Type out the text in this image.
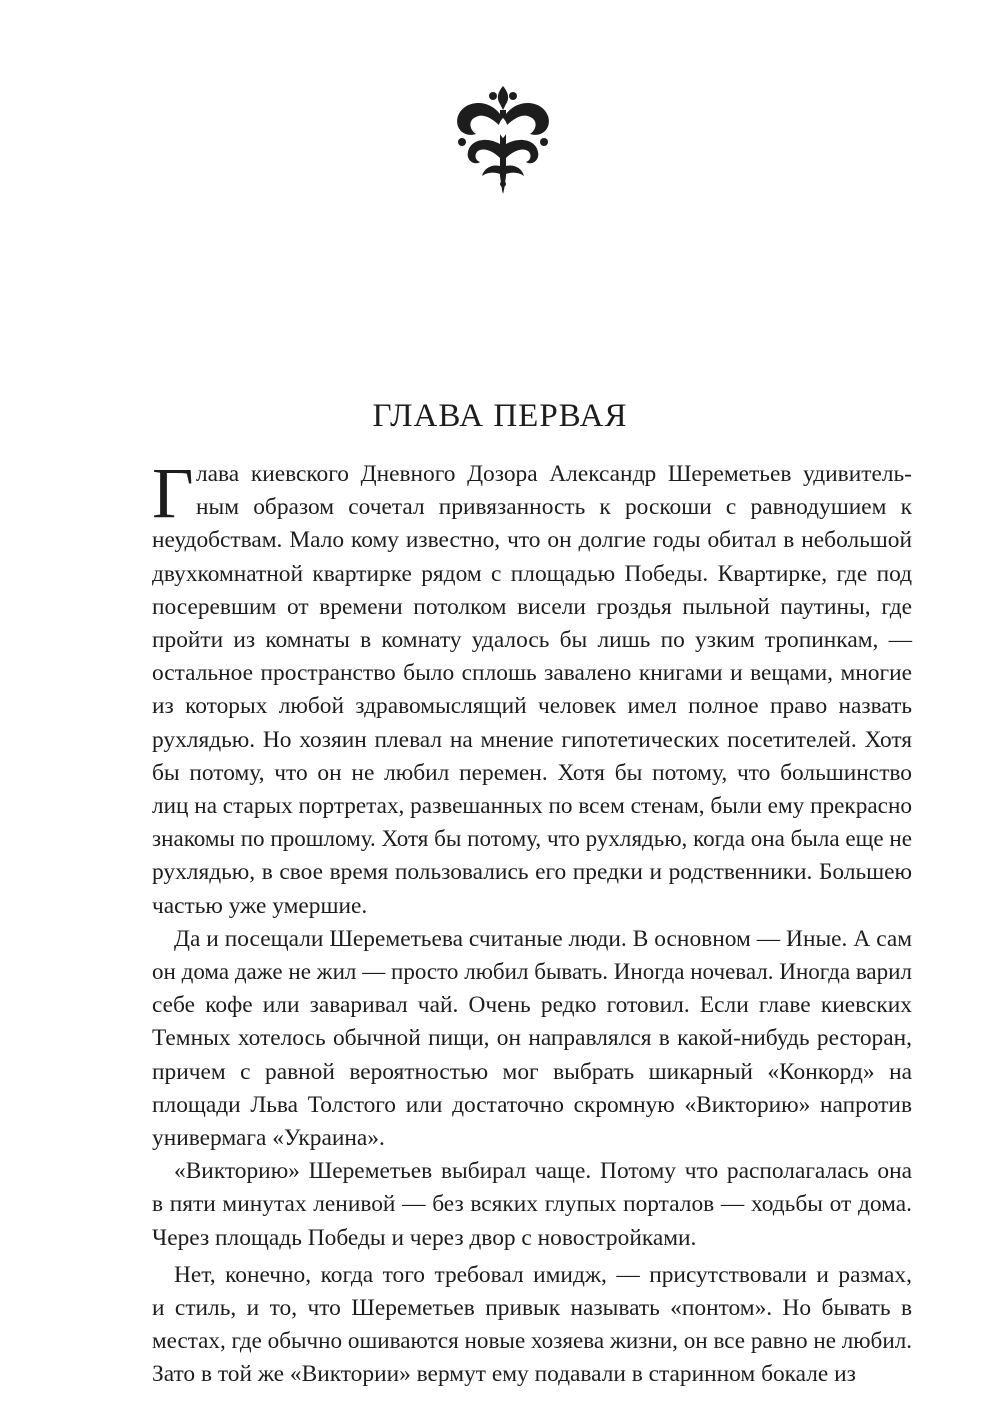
ГЛАВА ПЕРВАЯ
Г лава киевского Дневного Дозора Александр Шереметьев удивитель-
ным образом сочетал привязанность к роскоши с равнодушием к
неудобствам. Мало кому известно, что он долгие годы обитал в небольшой
двухкомнатной квартирке рядом с площадью Победы. Квартирке, где под
посеревшим от времени потолком висели гроздья пыльной паутины, где
пройти из комнаты в комнату удалось бы лишь по узким тропинкам, —
остальное пространство было сплошь завалено книгами и вещами, многие
из которых любой здравомыслящий человек имел полное право назвать
рухлядью. Но хозяин плевал на мнение гипотетических посетителей. Хотя
бы потому, что он не любил перемен. Хотя бы потому, что большинство
лиц на старых портретах, развешанных по всем стенам, были ему прекрасно
знакомы по прошлому. Хотя бы потому, что рухлядью, когда она была еще не
рухлядью, в свое время пользовались его предки и родственники. Большею
частью уже умершие.
Да и посещали Шереметьева считаные люди. В основном — Иные. А сам
он дома даже не жил — просто любил бывать. Иногда ночевал. Иногда варил
себе кофе или заваривал чай. Очень редко готовил. Если главе киевских
Темных хотелось обычной пищи, он направлялся в какой-нибудь ресторан,
причем с равной вероятностью мог выбрать шикарный «Конкорд» на
площади Льва Толстого или достаточно скромную «Викторию» напротив
универмага «Украина».
«Викторию» Шереметьев выбирал чаще. Потому что располагалась она
в пяти минутах ленивой — без всяких глупых порталов — ходьбы от дома.
Через площадь Победы и через двор с новостройками.
Нет, конечно, когда того требовал имидж, — присутствовали и размах,
и стиль, и то, что Шереметьев привык называть «понтом». Но бывать в
местах, где обычно ошиваются новые хозяева жизни, он все равно не любил.
Зато в той же «Виктории» вермут ему подавали в старинном бокале из
